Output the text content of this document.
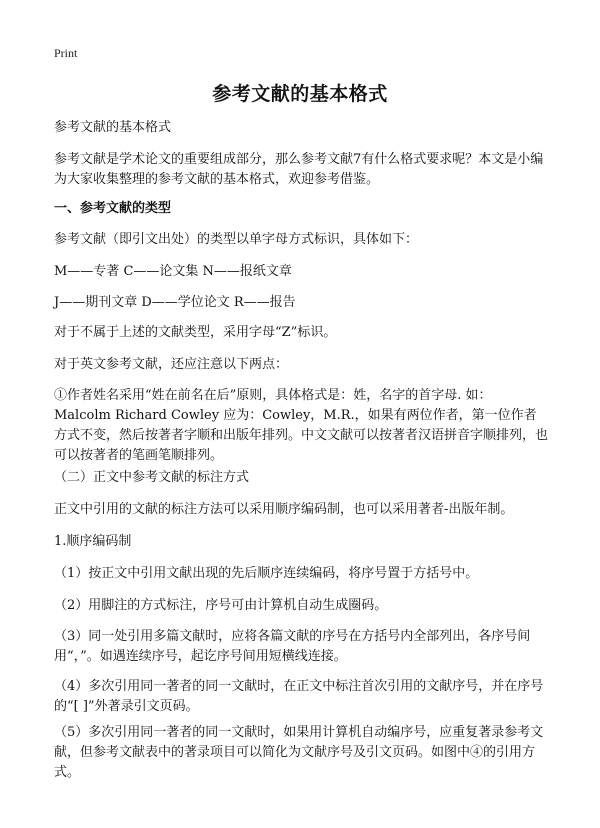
Print
参考文献的基本格式

参考文献的基本格式

参考文献是学术论文的重要组成部分，那么参考文献7有什么格式要求呢？本文是小编为大家收集整理的参考文献的基本格式，欢迎参考借鉴。

一、参考文献的类型

参考文献（即引文出处）的类型以单字母方式标识，具体如下：

M——专著 C——论文集 N——报纸文章

J——期刊文章 D——学位论文 R——报告

对于不属于上述的文献类型，采用字母“Z”标识。

对于英文参考文献，还应注意以下两点：

①作者姓名采用“姓在前名在后”原则，具体格式是：姓，名字的首字母. 如：Malcolm Richard Cowley 应为：Cowley，M.R.，如果有两位作者，第一位作者方式不变，然后按著者字顺和出版年排列。中文文献可以按著者汉语拼音字顺排列，也可以按著者的笔画笔顺排列。

（二）正文中参考文献的标注方式

正文中引用的文献的标注方法可以采用顺序编码制，也可以采用著者-出版年制。

1.顺序编码制

（1）按正文中引用文献出现的先后顺序连续编码，将序号置于方括号中。

（2）用脚注的方式标注，序号可由计算机自动生成圈码。

（3）同一处引用多篇文献时，应将各篇文献的序号在方括号内全部列出，各序号间用“，”。如遇连续序号，起讫序号间用短横线连接。

（4）多次引用同一著者的同一文献时，在正文中标注首次引用的文献序号，并在序号的“[ ]”外著录引文页码。

（5）多次引用同一著者的同一文献时，如果用计算机自动编序号，应重复著录参考文献，但参考文献表中的著录项目可以简化为文献序号及引文页码。如图中④的引用方式。
